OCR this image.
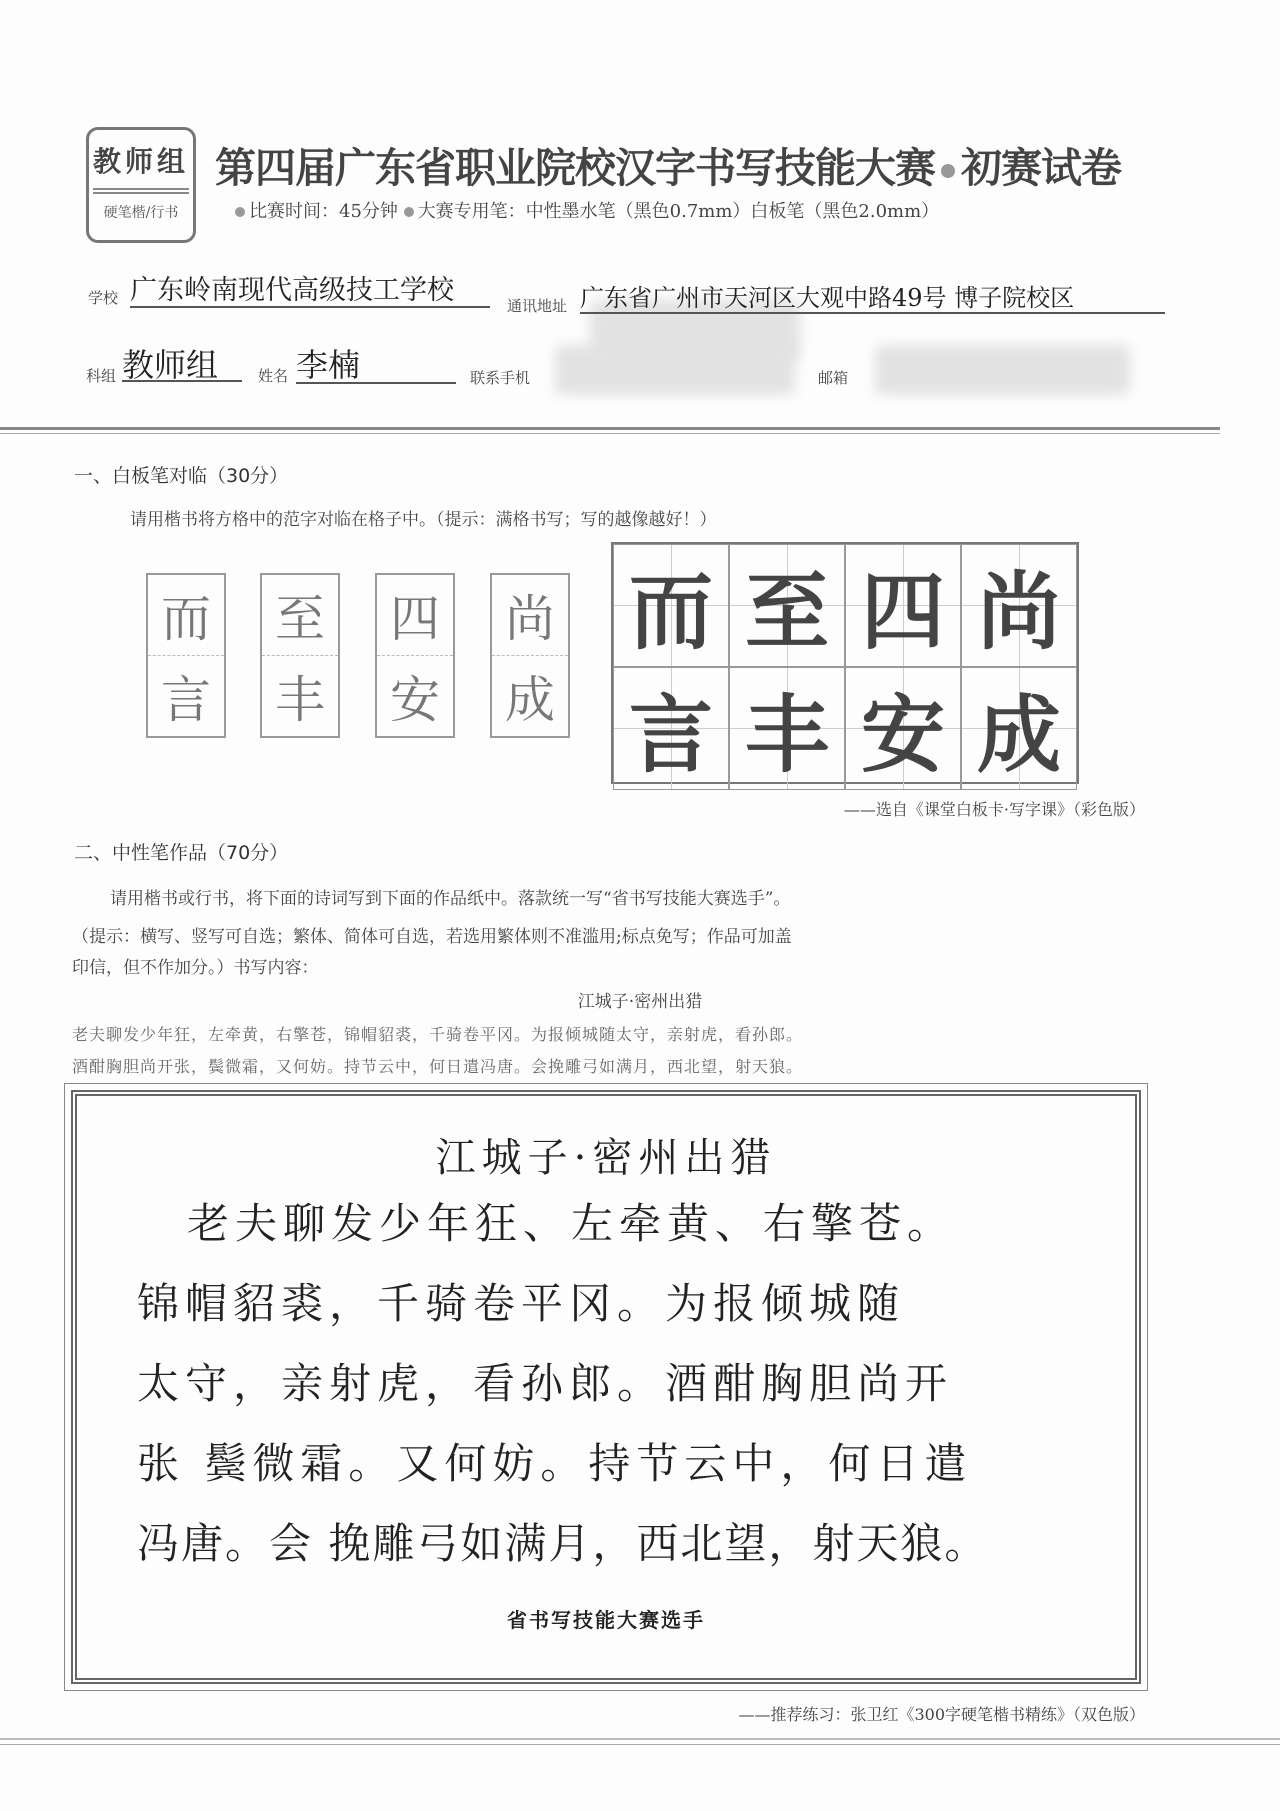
教师组
硬笔楷/行书
第四届广东省职业院校汉字书写技能大赛 初赛试卷
比赛时间：45分钟 大赛专用笔：中性墨水笔（黑色0.7mm）白板笔（黑色2.0mm）
学校 广东岭南现代高级技工学校	通讯地址 广东省广州市天河区大观中路49号 博子院校区
科组 教师组	姓名 李楠	联系手机	邮箱
一、白板笔对临（30分）
请用楷书将方格中的范字对临在格子中。（提示：满格书写；写的越像越好！）
而
言
至
丰
四
安
尚
成
而 至 四 尚
言 丰 安 成
——选自《课堂白板卡·写字课》（彩色版）
二、中性笔作品（70分）
请用楷书或行书，将下面的诗词写到下面的作品纸中。落款统一写“省书写技能大赛选手”。
（提示：横写、竖写可自选；繁体、简体可自选，若选用繁体则不准滥用;标点免写；作品可加盖
印信，但不作加分。）书写内容：
江城子·密州出猎
老夫聊发少年狂，左牵黄，右擎苍，锦帽貂裘，千骑卷平冈。为报倾城随太守，亲射虎，看孙郎。
酒酣胸胆尚开张，鬓微霜，又何妨。持节云中，何日遣冯唐。会挽雕弓如满月，西北望，射天狼。
江城子·密州出猎
老夫聊发少年狂、左牵黄、右擎苍。
锦帽貂裘，千骑卷平冈。为报倾城随
太守，亲射虎，看孙郎。酒酣胸胆尚开
张 鬓微霜。又何妨。持节云中，何日遣
冯唐。会 挽雕弓如满月，西北望，射天狼。
省书写技能大赛选手
——推荐练习：张卫红《300字硬笔楷书精练》（双色版）
